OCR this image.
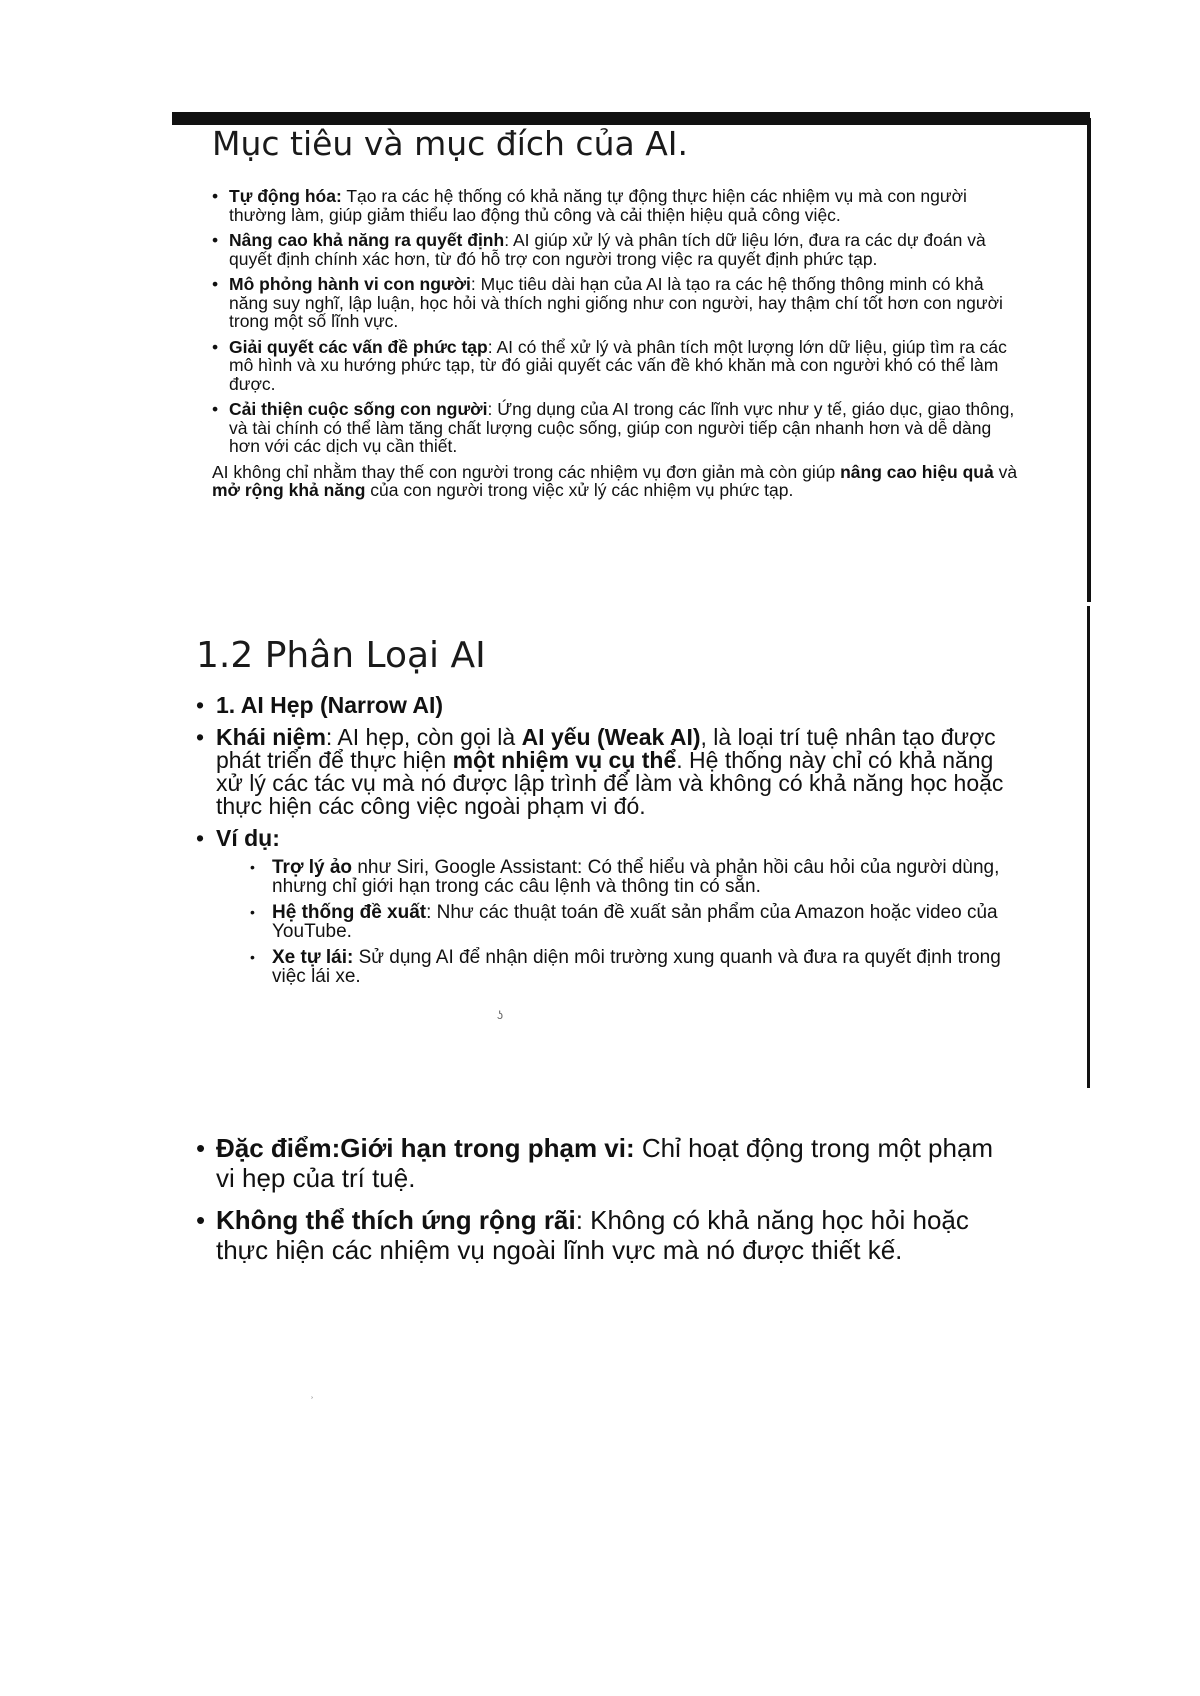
Mục tiêu và mục đích của AI.
• Tự động hóa: Tạo ra các hệ thống có khả năng tự động thực hiện các nhiệm vụ mà con người thường làm, giúp giảm thiểu lao động thủ công và cải thiện hiệu quả công việc.
• Nâng cao khả năng ra quyết định: AI giúp xử lý và phân tích dữ liệu lớn, đưa ra các dự đoán và quyết định chính xác hơn, từ đó hỗ trợ con người trong việc ra quyết định phức tạp.
• Mô phỏng hành vi con người: Mục tiêu dài hạn của AI là tạo ra các hệ thống thông minh có khả năng suy nghĩ, lập luận, học hỏi và thích nghi giống như con người, hay thậm chí tốt hơn con người trong một số lĩnh vực.
• Giải quyết các vấn đề phức tạp: AI có thể xử lý và phân tích một lượng lớn dữ liệu, giúp tìm ra các mô hình và xu hướng phức tạp, từ đó giải quyết các vấn đề khó khăn mà con người khó có thể làm được.
• Cải thiện cuộc sống con người: Ứng dụng của AI trong các lĩnh vực như y tế, giáo dục, giao thông, và tài chính có thể làm tăng chất lượng cuộc sống, giúp con người tiếp cận nhanh hơn và dễ dàng hơn với các dịch vụ cần thiết.

AI không chỉ nhằm thay thế con người trong các nhiệm vụ đơn giản mà còn giúp nâng cao hiệu quả và mở rộng khả năng của con người trong việc xử lý các nhiệm vụ phức tạp.

1.2 Phân Loại AI
• 1. AI Hẹp (Narrow AI)
• Khái niệm: AI hẹp, còn gọi là AI yếu (Weak AI), là loại trí tuệ nhân tạo được phát triển để thực hiện một nhiệm vụ cụ thể. Hệ thống này chỉ có khả năng xử lý các tác vụ mà nó được lập trình để làm và không có khả năng học hoặc thực hiện các công việc ngoài phạm vi đó.
• Ví dụ:
• Trợ lý ảo như Siri, Google Assistant: Có thể hiểu và phản hồi câu hỏi của người dùng, nhưng chỉ giới hạn trong các câu lệnh và thông tin có sẵn.
• Hệ thống đề xuất: Như các thuật toán đề xuất sản phẩm của Amazon hoặc video của YouTube.
• Xe tự lái: Sử dụng AI để nhận diện môi trường xung quanh và đưa ra quyết định trong việc lái xe.
ʖ
• Đặc điểm:Giới hạn trong phạm vi: Chỉ hoạt động trong một phạm vi hẹp của trí tuệ.
• Không thể thích ứng rộng rãi: Không có khả năng học hỏi hoặc thực hiện các nhiệm vụ ngoài lĩnh vực mà nó được thiết kế.
ʾ
